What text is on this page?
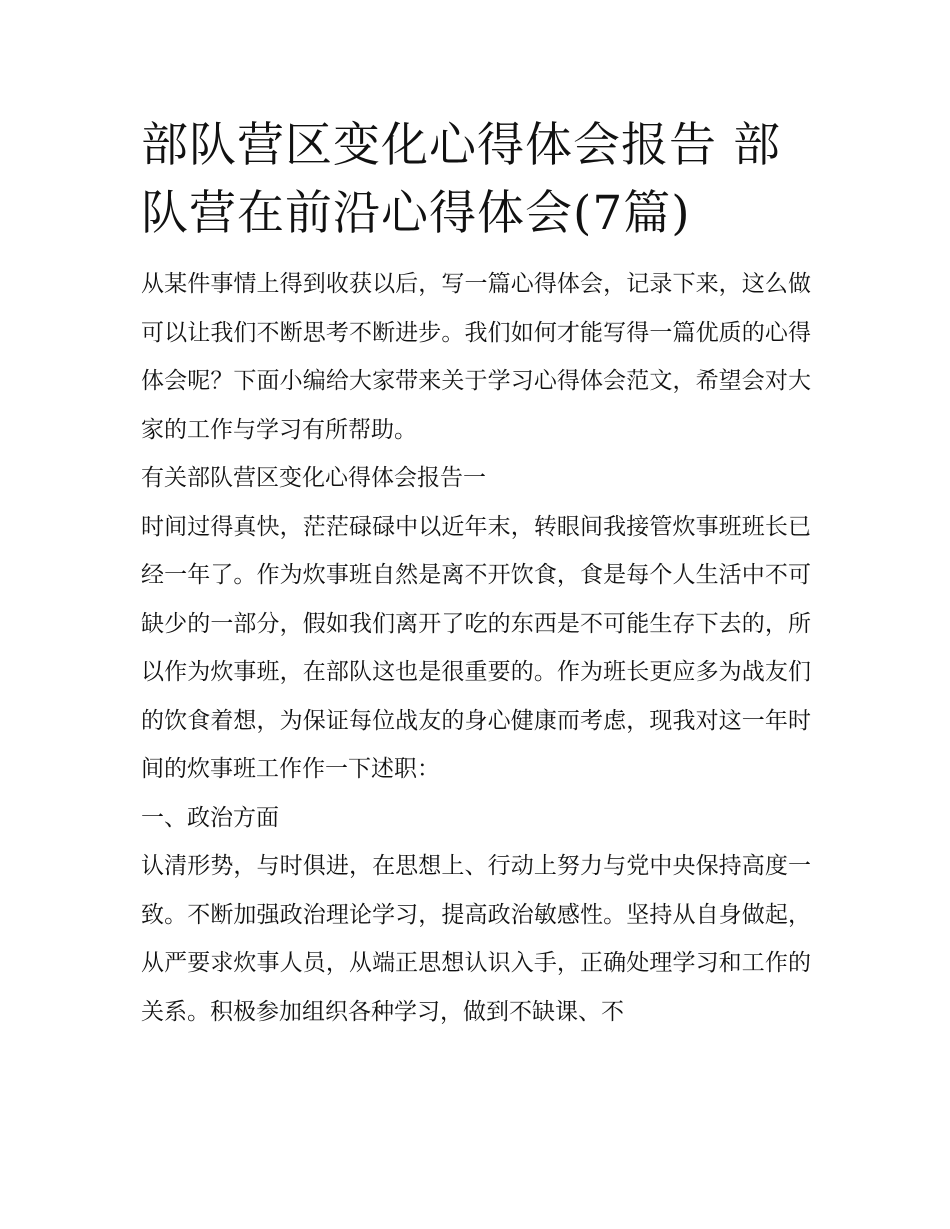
部队营区变化心得体会报告 部队营在前沿心得体会(7篇)

从某件事情上得到收获以后，写一篇心得体会，记录下来，这么做可以让我们不断思考不断进步。我们如何才能写得一篇优质的心得体会呢？下面小编给大家带来关于学习心得体会范文，希望会对大家的工作与学习有所帮助。

有关部队营区变化心得体会报告一

时间过得真快，茫茫碌碌中以近年末，转眼间我接管炊事班班长已经一年了。作为炊事班自然是离不开饮食，食是每个人生活中不可缺少的一部分，假如我们离开了吃的东西是不可能生存下去的，所以作为炊事班，在部队这也是很重要的。作为班长更应多为战友们的饮食着想，为保证每位战友的身心健康而考虑，现我对这一年时间的炊事班工作作一下述职：

一、政治方面

认清形势，与时俱进，在思想上、行动上努力与党中央保持高度一致。不断加强政治理论学习，提高政治敏感性。坚持从自身做起，从严要求炊事人员，从端正思想认识入手，正确处理学习和工作的关系。积极参加组织各种学习，做到不缺课、不
